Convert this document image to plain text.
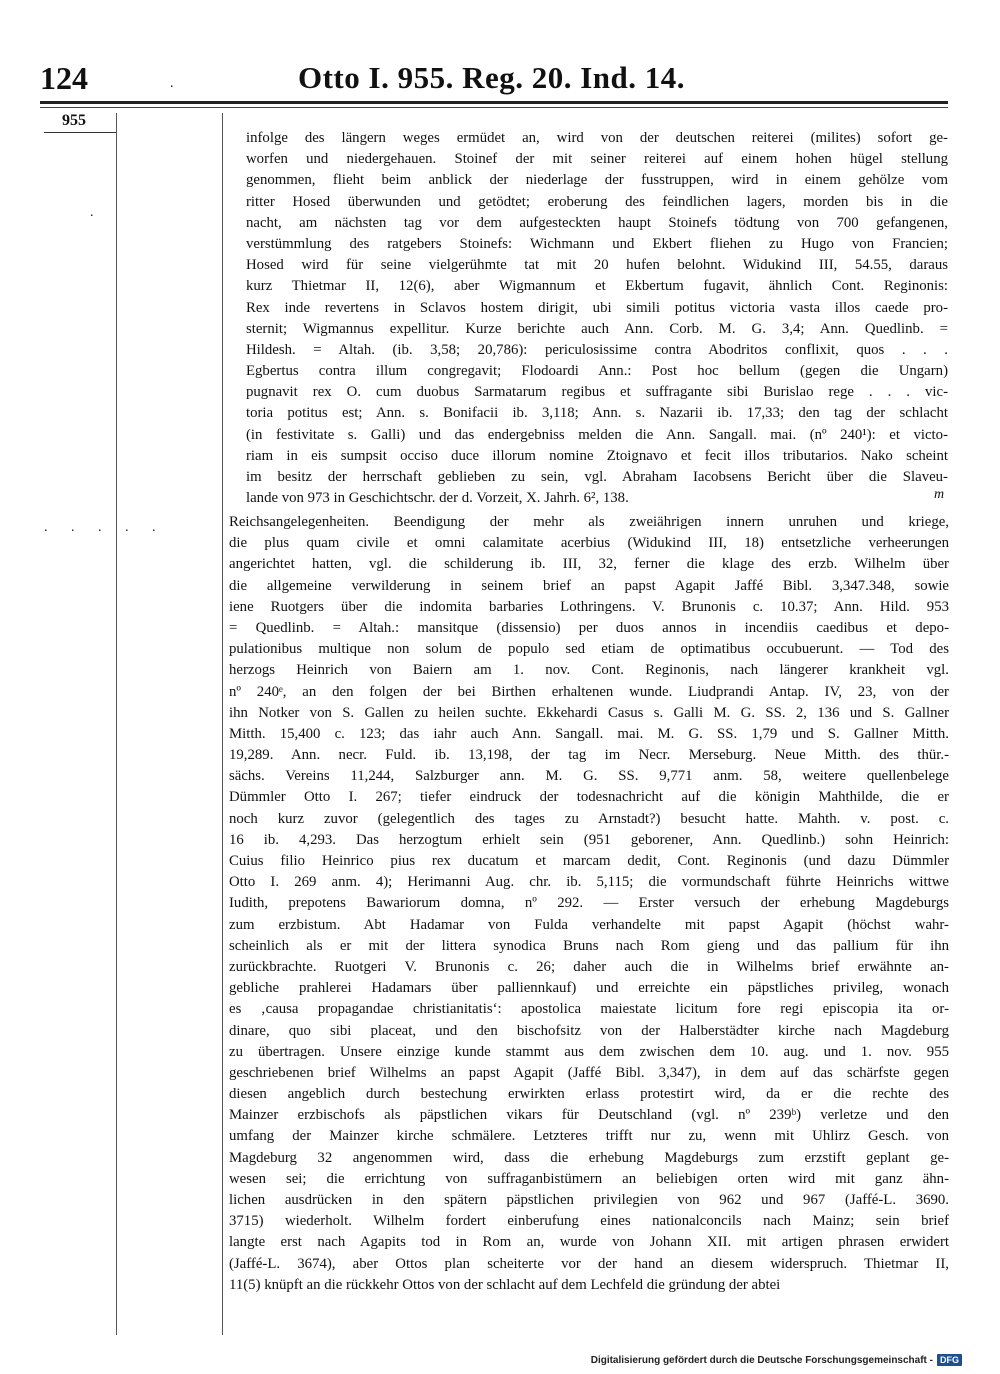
124	Otto I. 955. Reg. 20. Ind. 14.
955
.
.
. . . . .
infolge des längern weges ermüdet an, wird von der deutschen reiterei (milites) sofort ge-
worfen und niedergehauen. Stoinef der mit seiner reiterei auf einem hohen hügel stellung
genommen, flieht beim anblick der niederlage der fusstruppen, wird in einem gehölze vom
ritter Hosed überwunden und getödtet; eroberung des feindlichen lagers, morden bis in die
nacht, am nächsten tag vor dem aufgesteckten haupt Stoinefs tödtung von 700 gefangenen,
verstümmlung des ratgebers Stoinefs: Wichmann und Ekbert fliehen zu Hugo von Francien;
Hosed wird für seine vielgerühmte tat mit 20 hufen belohnt. Widukind III, 54.55, daraus
kurz Thietmar II, 12(6), aber Wigmannum et Ekbertum fugavit, ähnlich Cont. Reginonis:
Rex inde revertens in Sclavos hostem dirigit, ubi simili potitus victoria vasta illos caede pro-
sternit; Wigmannus expellitur. Kurze berichte auch Ann. Corb. M. G. 3,4; Ann. Quedlinb. =
Hildesh. = Altah. (ib. 3,58; 20,786): periculosissime contra Abodritos conflixit, quos . . .
Egbertus contra illum congregavit; Flodoardi Ann.: Post hoc bellum (gegen die Ungarn)
pugnavit rex O. cum duobus Sarmatarum regibus et suffragante sibi Burislao rege . . . vic-
toria potitus est; Ann. s. Bonifacii ib. 3,118; Ann. s. Nazarii ib. 17,33; den tag der schlacht
(in festivitate s. Galli) und das endergebniss melden die Ann. Sangall. mai. (nº 240¹): et victo-
riam in eis sumpsit occiso duce illorum nomine Ztoignavo et fecit illos tributarios. Nako scheint
im besitz der herrschaft geblieben zu sein, vgl. Abraham Iacobsens Bericht über die Slaveu-
lande von 973 in Geschichtschr. der d. Vorzeit, X. Jahrh. 6², 138.	m
Reichsangelegenheiten. Beendigung der mehr als zweiährigen innern unruhen und kriege,
die plus quam civile et omni calamitate acerbius (Widukind III, 18) entsetzliche verheerungen
angerichtet hatten, vgl. die schilderung ib. III, 32, ferner die klage des erzb. Wilhelm über
die allgemeine verwilderung in seinem brief an papst Agapit Jaffé Bibl. 3,347.348, sowie
iene Ruotgers über die indomita barbaries Lothringens. V. Brunonis c. 10.37; Ann. Hild. 953
= Quedlinb. = Altah.: mansitque (dissensio) per duos annos in incendiis caedibus et depo-
pulationibus multique non solum de populo sed etiam de optimatibus occubuerunt. — Tod des
herzogs Heinrich von Baiern am 1. nov. Cont. Reginonis, nach längerer krankheit vgl.
nº 240ᵉ, an den folgen der bei Birthen erhaltenen wunde. Liudprandi Antap. IV, 23, von der
ihn Notker von S. Gallen zu heilen suchte. Ekkehardi Casus s. Galli M. G. SS. 2, 136 und S. Gallner
Mitth. 15,400 c. 123; das iahr auch Ann. Sangall. mai. M. G. SS. 1,79 und S. Gallner Mitth.
19,289. Ann. necr. Fuld. ib. 13,198, der tag im Necr. Merseburg. Neue Mitth. des thür.-
sächs. Vereins 11,244, Salzburger ann. M. G. SS. 9,771 anm. 58, weitere quellenbelege
Dümmler Otto I. 267; tiefer eindruck der todesnachricht auf die königin Mahthilde, die er
noch kurz zuvor (gelegentlich des tages zu Arnstadt?) besucht hatte. Mahth. v. post. c.
16 ib. 4,293. Das herzogtum erhielt sein (951 geborener, Ann. Quedlinb.) sohn Heinrich:
Cuius filio Heinrico pius rex ducatum et marcam dedit, Cont. Reginonis (und dazu Dümmler
Otto I. 269 anm. 4); Herimanni Aug. chr. ib. 5,115; die vormundschaft führte Heinrichs wittwe
Iudith, prepotens Bawariorum domna, nº 292. — Erster versuch der erhebung Magdeburgs
zum erzbistum. Abt Hadamar von Fulda verhandelte mit papst Agapit (höchst wahr-
scheinlich als er mit der littera synodica Bruns nach Rom gieng und das pallium für ihn
zurückbrachte. Ruotgeri V. Brunonis c. 26; daher auch die in Wilhelms brief erwähnte an-
gebliche prahlerei Hadamars über palliennkauf) und erreichte ein päpstliches privileg, wonach
es ‚causa propagandae christianitatis‘: apostolica maiestate licitum fore regi episcopia ita or-
dinare, quo sibi placeat, und den bischofsitz von der Halberstädter kirche nach Magdeburg
zu übertragen. Unsere einzige kunde stammt aus dem zwischen dem 10. aug. und 1. nov. 955
geschriebenen brief Wilhelms an papst Agapit (Jaffé Bibl. 3,347), in dem auf das schärfste gegen
diesen angeblich durch bestechung erwirkten erlass protestirt wird, da er die rechte des
Mainzer erzbischofs als päpstlichen vikars für Deutschland (vgl. nº 239ᵇ) verletze und den
umfang der Mainzer kirche schmälere. Letzteres trifft nur zu, wenn mit Uhlirz Gesch. von
Magdeburg 32 angenommen wird, dass die erhebung Magdeburgs zum erzstift geplant ge-
wesen sei; die errichtung von suffraganbistümern an beliebigen orten wird mit ganz ähn-
lichen ausdrücken in den spätern päpstlichen privilegien von 962 und 967 (Jaffé-L. 3690.
3715) wiederholt. Wilhelm fordert einberufung eines nationalconcils nach Mainz; sein brief
langte erst nach Agapits tod in Rom an, wurde von Johann XII. mit artigen phrasen erwidert
(Jaffé-L. 3674), aber Ottos plan scheiterte vor der hand an diesem widerspruch. Thietmar II,
11(5) knüpft an die rückkehr Ottos von der schlacht auf dem Lechfeld die gründung der abtei
Digitalisierung gefördert durch die Deutsche Forschungsgemeinschaft - DFG
